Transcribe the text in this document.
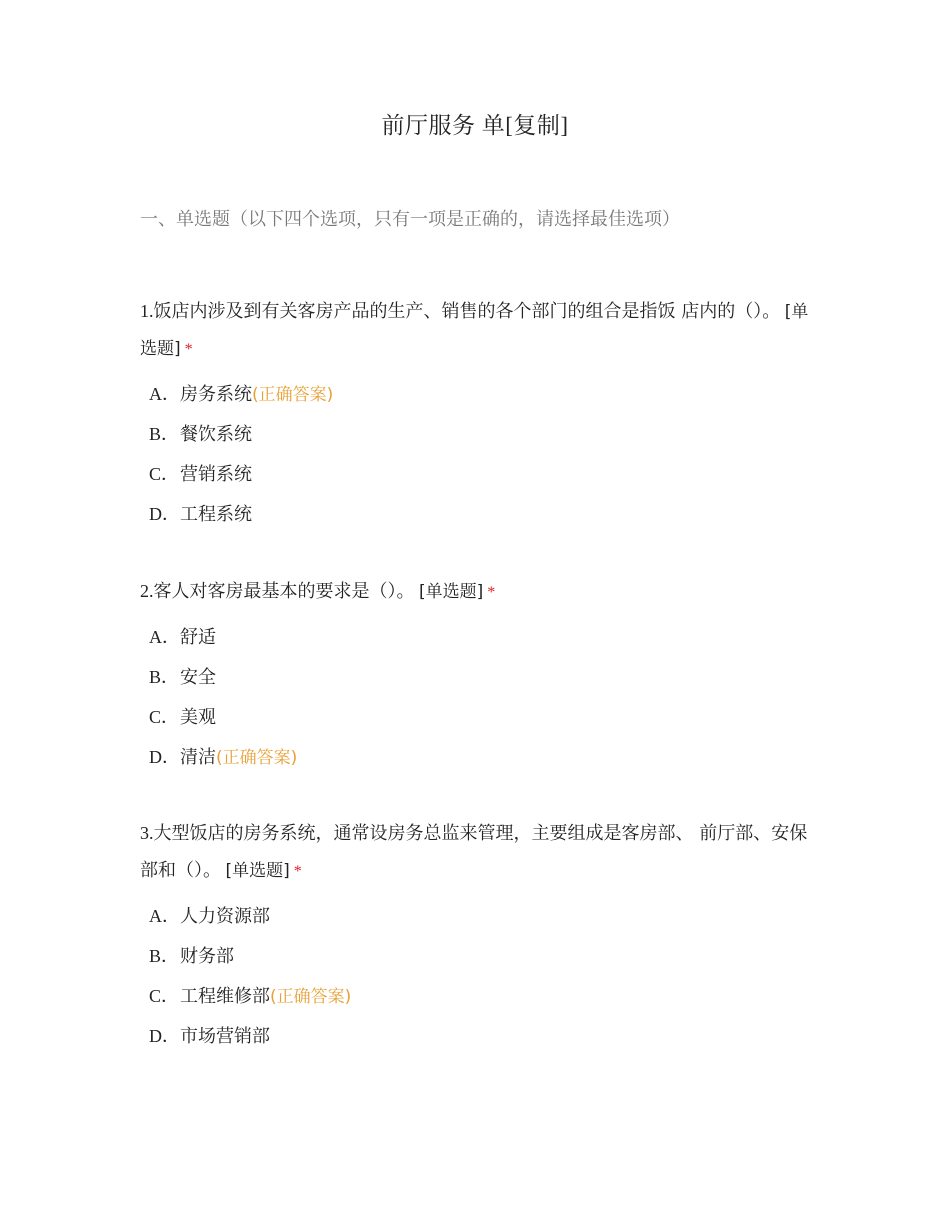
前厅服务 单[复制]
一、单选题（以下四个选项，只有一项是正确的，请选择最佳选项）
1.饭店内涉及到有关客房产品的生产、销售的各个部门的组合是指饭 店内的（）。 [单选题] *
A．房务系统(正确答案)
B．餐饮系统
C．营销系统
D．工程系统
2.客人对客房最基本的要求是（）。 [单选题] *
A．舒适
B．安全
C．美观
D．清洁(正确答案)
3.大型饭店的房务系统，通常设房务总监来管理，主要组成是客房部、 前厅部、安保部和（）。 [单选题] *
A．人力资源部
B．财务部
C．工程维修部(正确答案)
D．市场营销部
